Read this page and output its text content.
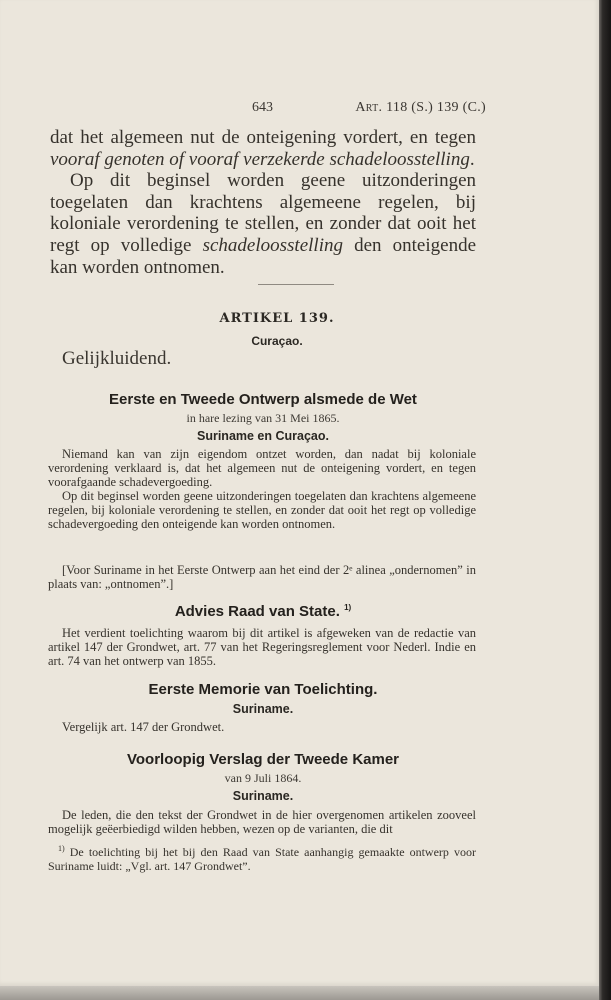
643	Art. 118 (S.) 139 (C.)

dat het algemeen nut de onteigening vordert, en tegen vooraf genoten of vooraf verzekerde schadeloosstelling.

Op dit beginsel worden geene uitzonderingen toegelaten dan krachtens algemeene regelen, bij koloniale verordening te stellen, en zonder dat ooit het regt op volledige schadeloosstelling den onteigende kan worden ontnomen.

ARTIKEL 139.
Curaçao.
Gelijkluidend.
Eerste en Tweede Ontwerp alsmede de Wet
in hare lezing van 31 Mei 1865.
Suriname en Curaçao.

Niemand kan van zijn eigendom ontzet worden, dan nadat bij koloniale verordening verklaard is, dat het algemeen nut de onteigening vordert, en tegen voorafgaande schadevergoeding.

Op dit beginsel worden geene uitzonderingen toegelaten dan krachtens algemeene regelen, bij koloniale verordening te stellen, en zonder dat ooit het regt op volledige schadevergoeding den onteigende kan worden ontnomen.

[Voor Suriname in het Eerste Ontwerp aan het eind der 2ᵉ alinea „ondernomen” in plaats van: „ontnomen”.]

Advies Raad van State. $^{1)}$

Het verdient toelichting waarom bij dit artikel is afgeweken van de redactie van artikel 147 der Grondwet, art. 77 van het Regeringsreglement voor Nederl. Indie en art. 74 van het ontwerp van 1855.

Eerste Memorie van Toelichting.
Suriname.

Vergelijk art. 147 der Grondwet.

Voorloopig Verslag der Tweede Kamer
van 9 Juli 1864.
Suriname.

De leden, die den tekst der Grondwet in de hier overgenomen artikelen zooveel mogelijk geëerbiedigd wilden hebben, wezen op de varianten, die dit

$^{1)}$ De toelichting bij het bij den Raad van State aanhangig gemaakte ontwerp voor Suriname luidt: „Vgl. art. 147 Grondwet”.
